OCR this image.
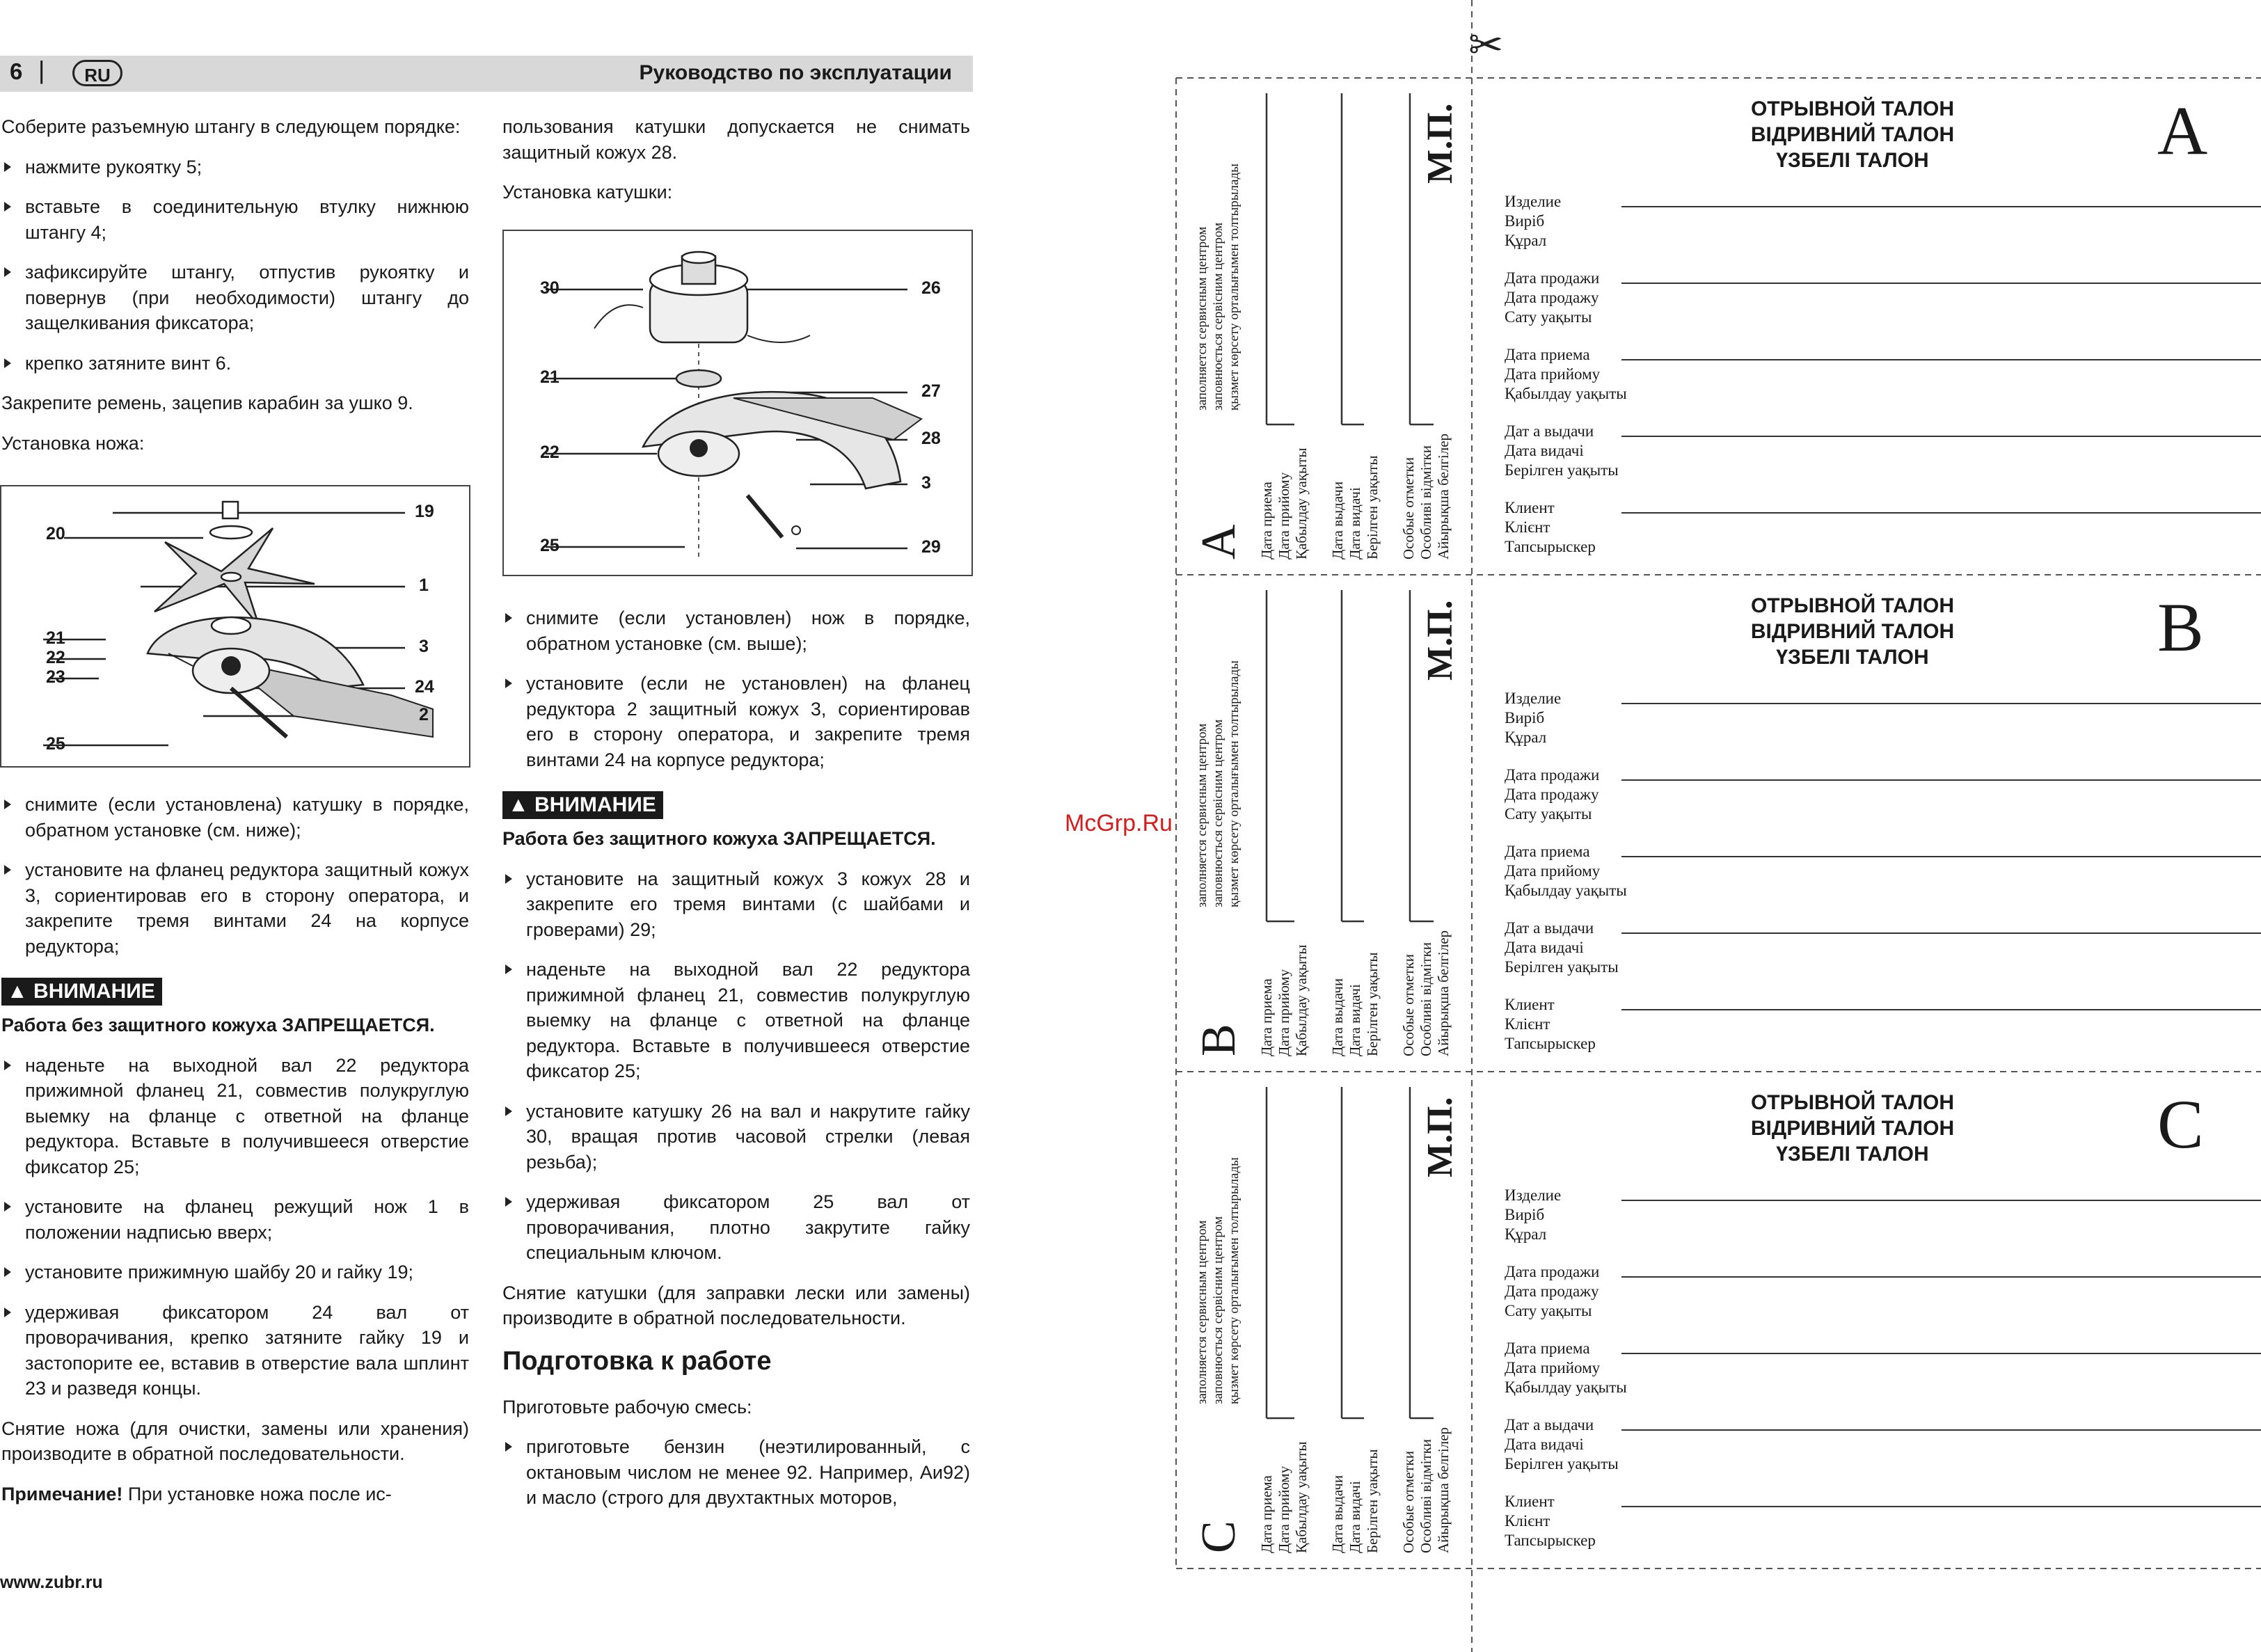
6 |	RU	Руководство по эксплуатации

Соберите разъемную штангу в следующем порядке:

нажмите рукоятку 5;

вставьте в соединительную втулку нижнюю штангу 4;

зафиксируйте штангу, отпустив рукоятку и повернув (при необходимости) штангу до защелкивания фиксатора;

крепко затяните винт 6.

Закрепите ремень, зацепив карабин за ушко 9.

Установка ножа:

20
19
1
21
22
23
3
24
2
25

снимите (если установлена) катушку в порядке, обратном установке (см. ниже);

установите на фланец редуктора защитный кожух 3, сориентировав его в сторону оператора, и закрепите тремя винтами 24 на корпусе редуктора;

▲ ВНИМАНИЕ

Работа без защитного кожуха ЗАПРЕЩАЕТСЯ.

наденьте на выходной вал 22 редуктора прижимной фланец 21, совместив полукруглую выемку на фланце с ответной на фланце редуктора. Вставьте в получившееся отверстие фиксатор 25;

установите на фланец режущий нож 1 в положении надписью вверх;

установите прижимную шайбу 20 и гайку 19;

удерживая фиксатором 24 вал от проворачивания, крепко затяните гайку 19 и застопорите ее, вставив в отверстие вала шплинт 23 и разведя концы.

Снятие ножа (для очистки, замены или хранения) производите в обратной последовательности.

Примечание! При установке ножа после ис-

пользования катушки допускается не снимать защитный кожух 28.

Установка катушки:

30	26
21
27
28
22
3
25	29

снимите (если установлен) нож в порядке, обратном установке (см. выше);

установите (если не установлен) на фланец редуктора 2 защитный кожух 3, сориентировав его в сторону оператора, и закрепите тремя винтами 24 на корпусе редуктора;

▲ ВНИМАНИЕ

Работа без защитного кожуха ЗАПРЕЩАЕТСЯ.

установите на защитный кожух 3 кожух 28 и закрепите его тремя винтами (с шайбами и гроверами) 29;

наденьте на выходной вал 22 редуктора прижимной фланец 21, совместив полукруглую выемку на фланце с ответной на фланце редуктора. Вставьте в получившееся отверстие фиксатор 25;

установите катушку 26 на вал и накрутите гайку 30, вращая против часовой стрелки (левая резьба);

удерживая фиксатором 25 вал от проворачивания, плотно закрутите гайку специальным ключом.

Снятие катушки (для заправки лески или замены) производите в обратной последовательности.

Подготовка к работе

Приготовьте рабочую смесь:

приготовьте бензин (неэтилированный, с октановым числом не менее 92. Например, Аи92) и масло (строго для двухтактных моторов,

www.zubr.ru
McGrp.Ru
✂
ОТРЫВНОЙ ТАЛОН
ВІДРИВНИЙ ТАЛОН
ҮЗБЕЛІ ТАЛОН	A
Изделие
Виріб
Құрал
Дата продажи
Дата продажу
Сату уақыты
Дата приема
Дата прийому
Қабылдау уақыты
Дат а выдачи
Дата видачі
Берілген уақыты
Клиент
Клієнт
Тапсырыскер
A
заполняется сервисным центром заповнюється сервісним центром қызмет көрсету орталығымен толтырылады
Дата приема Дата прийому Қабылдау уақыты Дата выдачи Дата видачі Берілген уақыты Особые отметки Особливі відмітки Айырықша белгілер
М.П.
ОТРЫВНОЙ ТАЛОН
ВІДРИВНИЙ ТАЛОН
ҮЗБЕЛІ ТАЛОН	B
Изделие
Виріб
Құрал
Дата продажи
Дата продажу
Сату уақыты
Дата приема
Дата прийому
Қабылдау уақыты
Дат а выдачи
Дата видачі
Берілген уақыты
Клиент
Клієнт
Тапсырыскер
B
заполняется сервисным центром заповнюється сервісним центром қызмет көрсету орталығымен толтырылады
Дата приема Дата прийому Қабылдау уақыты Дата выдачи Дата видачі Берілген уақыты Особые отметки Особливі відмітки Айырықша белгілер
М.П.
ОТРЫВНОЙ ТАЛОН
ВІДРИВНИЙ ТАЛОН
ҮЗБЕЛІ ТАЛОН	C
Изделие
Виріб
Құрал
Дата продажи
Дата продажу
Сату уақыты
Дата приема
Дата прийому
Қабылдау уақыты
Дат а выдачи
Дата видачі
Берілген уақыты
Клиент
Клієнт
Тапсырыскер
C
заполняется сервисным центром заповнюється сервісним центром қызмет көрсету орталығымен толтырылады
Дата приема Дата прийому Қабылдау уақыты Дата выдачи Дата видачі Берілген уақыты Особые отметки Особливі відмітки Айырықша белгілер
М.П.
